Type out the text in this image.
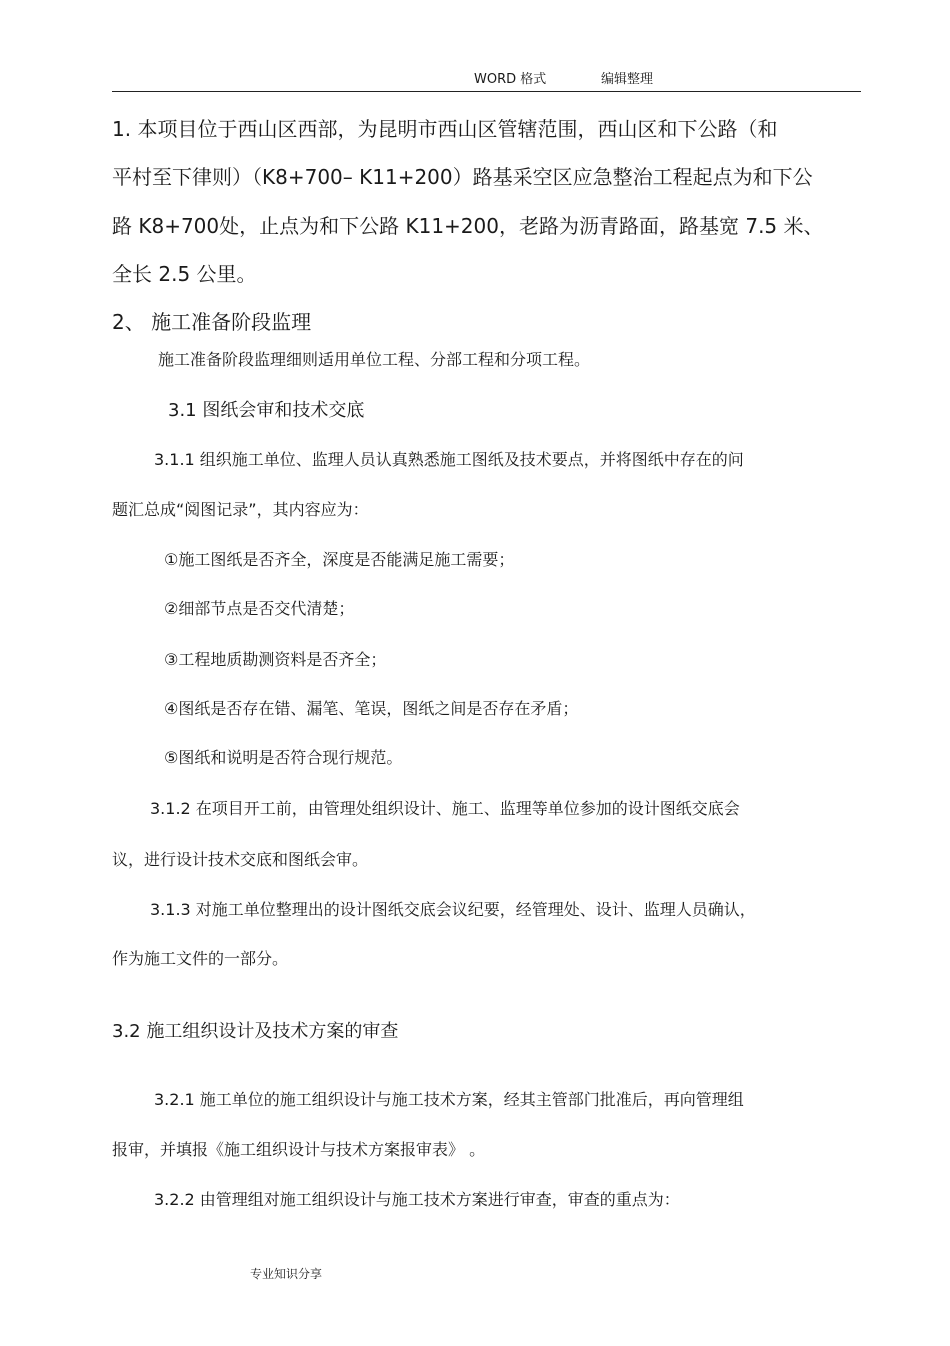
WORD 格式	编辑整理
1. 本项目位于西山区西部，为昆明市西山区管辖范围，西山区和下公路（和
平村至下律则）（K8+700– K11+200）路基采空区应急整治工程起点为和下公
路 K8+700处，止点为和下公路 K11+200，老路为沥青路面，路基宽 7.5 米、
全长 2.5 公里。
2、 施工准备阶段监理
施工准备阶段监理细则适用单位工程、分部工程和分项工程。
3.1 图纸会审和技术交底
3.1.1 组织施工单位、监理人员认真熟悉施工图纸及技术要点，并将图纸中存在的问
题汇总成“阅图记录”，其内容应为：
①施工图纸是否齐全，深度是否能满足施工需要；
②细部节点是否交代清楚；
③工程地质勘测资料是否齐全；
④图纸是否存在错、漏笔、笔误，图纸之间是否存在矛盾；
⑤图纸和说明是否符合现行规范。
3.1.2 在项目开工前，由管理处组织设计、施工、监理等单位参加的设计图纸交底会
议，进行设计技术交底和图纸会审。
3.1.3 对施工单位整理出的设计图纸交底会议纪要，经管理处、设计、监理人员确认，
作为施工文件的一部分。
3.2 施工组织设计及技术方案的审查
3.2.1 施工单位的施工组织设计与施工技术方案，经其主管部门批准后，再向管理组
报审，并填报《施工组织设计与技术方案报审表》 。
3.2.2 由管理组对施工组织设计与施工技术方案进行审查，审查的重点为：
专业知识分享
